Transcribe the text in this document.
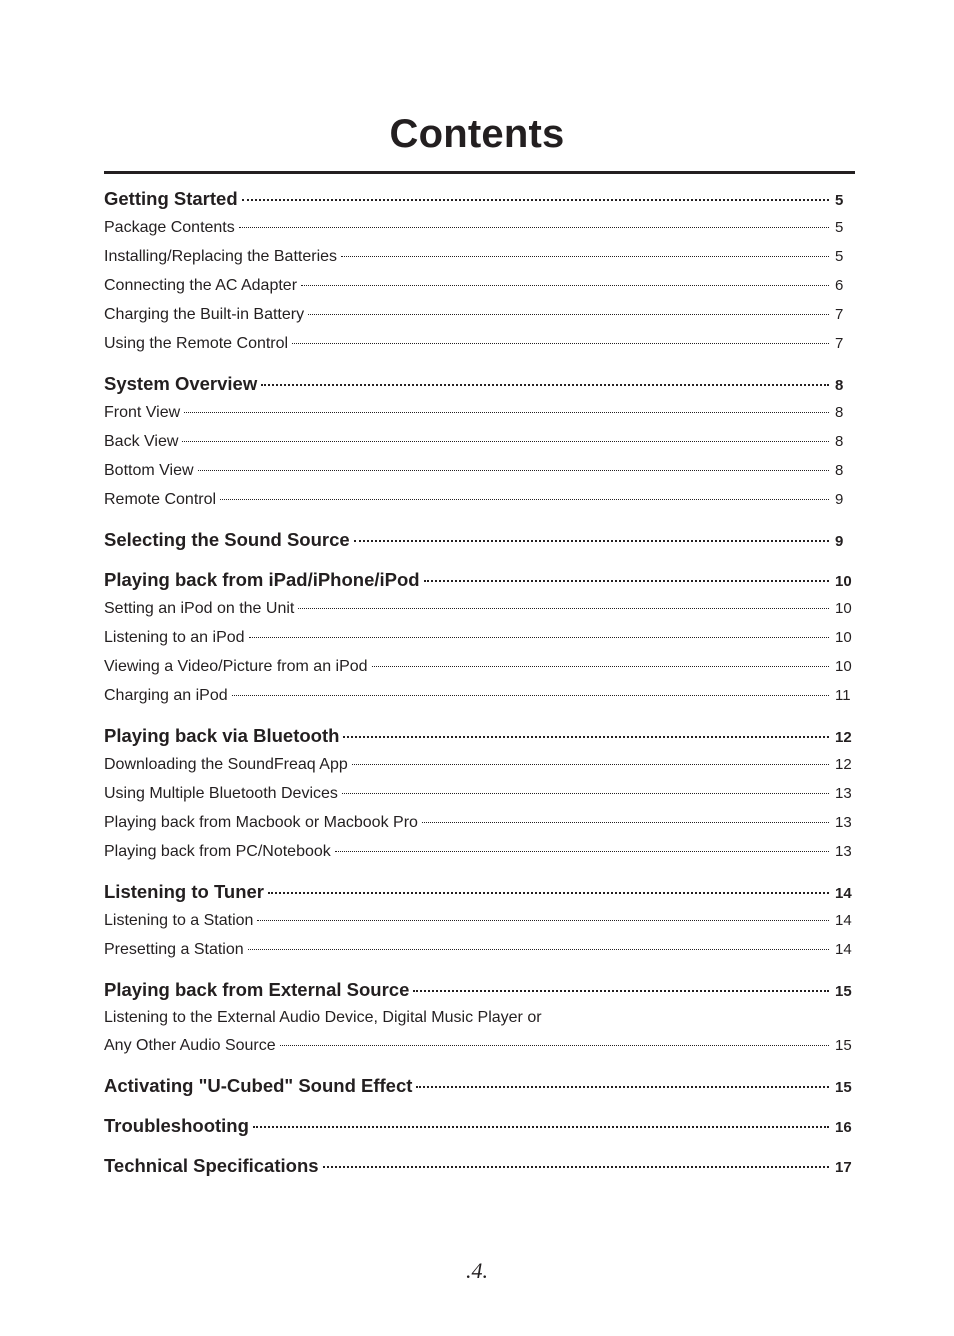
Contents
Getting Started	5
Package Contents	5
Installing/Replacing the Batteries	5
Connecting the AC Adapter	6
Charging the Built-in Battery	7
Using the Remote Control	7
System Overview	8
Front View	8
Back View	8
Bottom View	8
Remote Control	9
Selecting the Sound Source	9
Playing back from iPad/iPhone/iPod	10
Setting an iPod on the Unit	10
Listening to an iPod	10
Viewing a Video/Picture from an iPod	10
Charging an iPod	11
Playing back via Bluetooth	12
Downloading the SoundFreaq App	12
Using Multiple Bluetooth Devices	13
Playing back from Macbook or Macbook Pro	13
Playing back from PC/Notebook	13
Listening to Tuner	14
Listening to a Station	14
Presetting a Station	14
Playing back from External Source	15
Listening to the External Audio Device, Digital Music Player or
Any Other Audio Source	15
Activating "U-Cubed" Sound Effect	15
Troubleshooting	16
Technical Specifications	17
.4.
